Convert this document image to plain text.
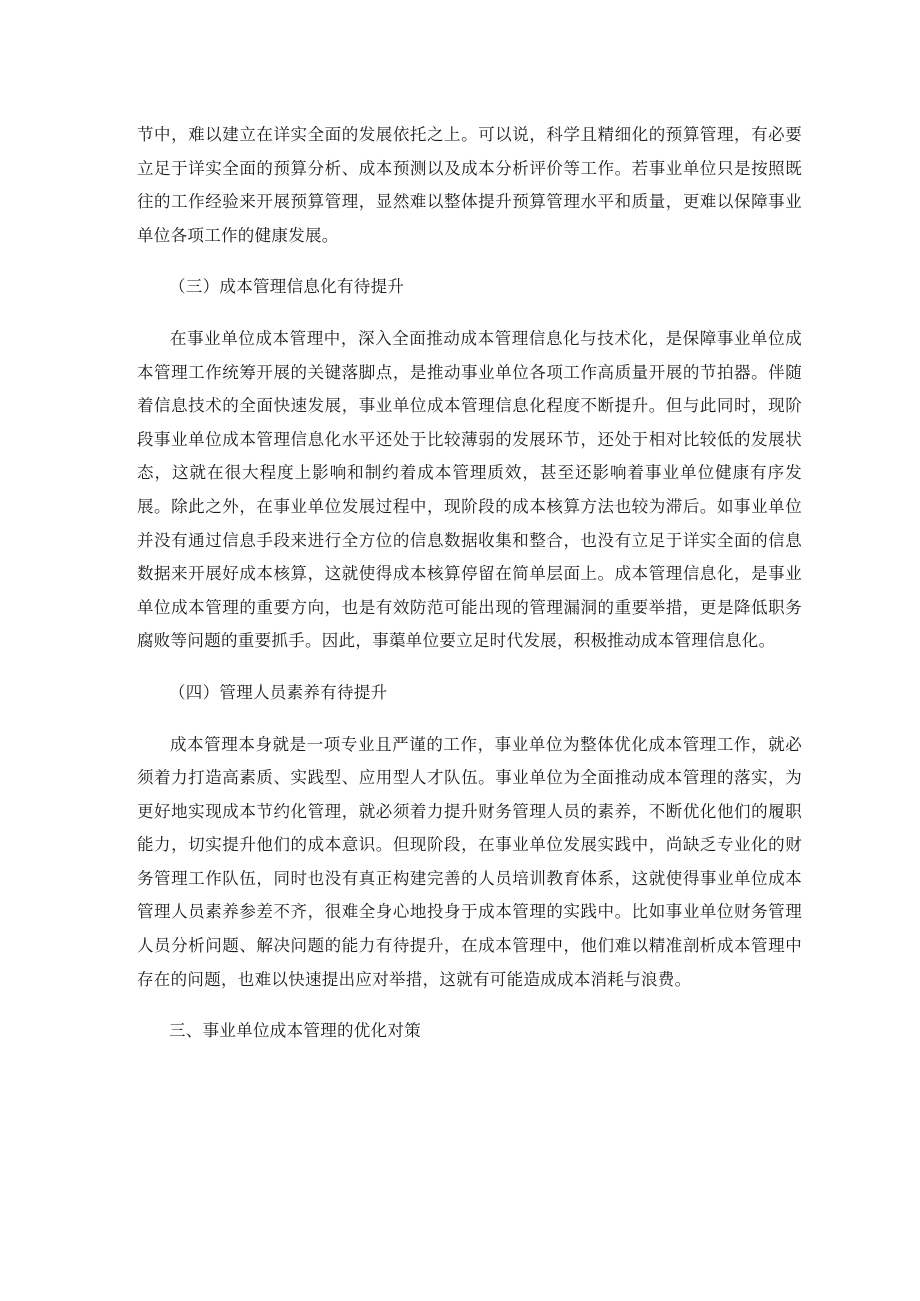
节中，难以建立在详实全面的发展依托之上。可以说，科学且精细化的预算管理，有必要立足于详实全面的预算分析、成本预测以及成本分析评价等工作。若事业单位只是按照既往的工作经验来开展预算管理，显然难以整体提升预算管理水平和质量，更难以保障事业单位各项工作的健康发展。

（三）成本管理信息化有待提升

在事业单位成本管理中，深入全面推动成本管理信息化与技术化，是保障事业单位成本管理工作统筹开展的关键落脚点，是推动事业单位各项工作高质量开展的节拍器。伴随着信息技术的全面快速发展，事业单位成本管理信息化程度不断提升。但与此同时，现阶段事业单位成本管理信息化水平还处于比较薄弱的发展环节，还处于相对比较低的发展状态，这就在很大程度上影响和制约着成本管理质效，甚至还影响着事业单位健康有序发展。除此之外，在事业单位发展过程中，现阶段的成本核算方法也较为滞后。如事业单位并没有通过信息手段来进行全方位的信息数据收集和整合，也没有立足于详实全面的信息数据来开展好成本核算，这就使得成本核算停留在简单层面上。成本管理信息化，是事业单位成本管理的重要方向，也是有效防范可能出现的管理漏洞的重要举措，更是降低职务腐败等问题的重要抓手。因此，事蕖单位要立足时代发展，积极推动成本管理信息化。

（四）管理人员素养有待提升

成本管理本身就是一项专业且严谨的工作，事业单位为整体优化成本管理工作，就必须着力打造高素质、实践型、应用型人才队伍。事业单位为全面推动成本管理的落实，为更好地实现成本节约化管理，就必须着力提升财务管理人员的素养，不断优化他们的履职能力，切实提升他们的成本意识。但现阶段，在事业单位发展实践中，尚缺乏专业化的财务管理工作队伍，同时也没有真正构建完善的人员培训教育体系，这就使得事业单位成本管理人员素养参差不齐，很难全身心地投身于成本管理的实践中。比如事业单位财务管理人员分析问题、解决问题的能力有待提升，在成本管理中，他们难以精准剖析成本管理中存在的问题，也难以快速提出应对举措，这就有可能造成成本消耗与浪费。

三、事业单位成本管理的优化对策
